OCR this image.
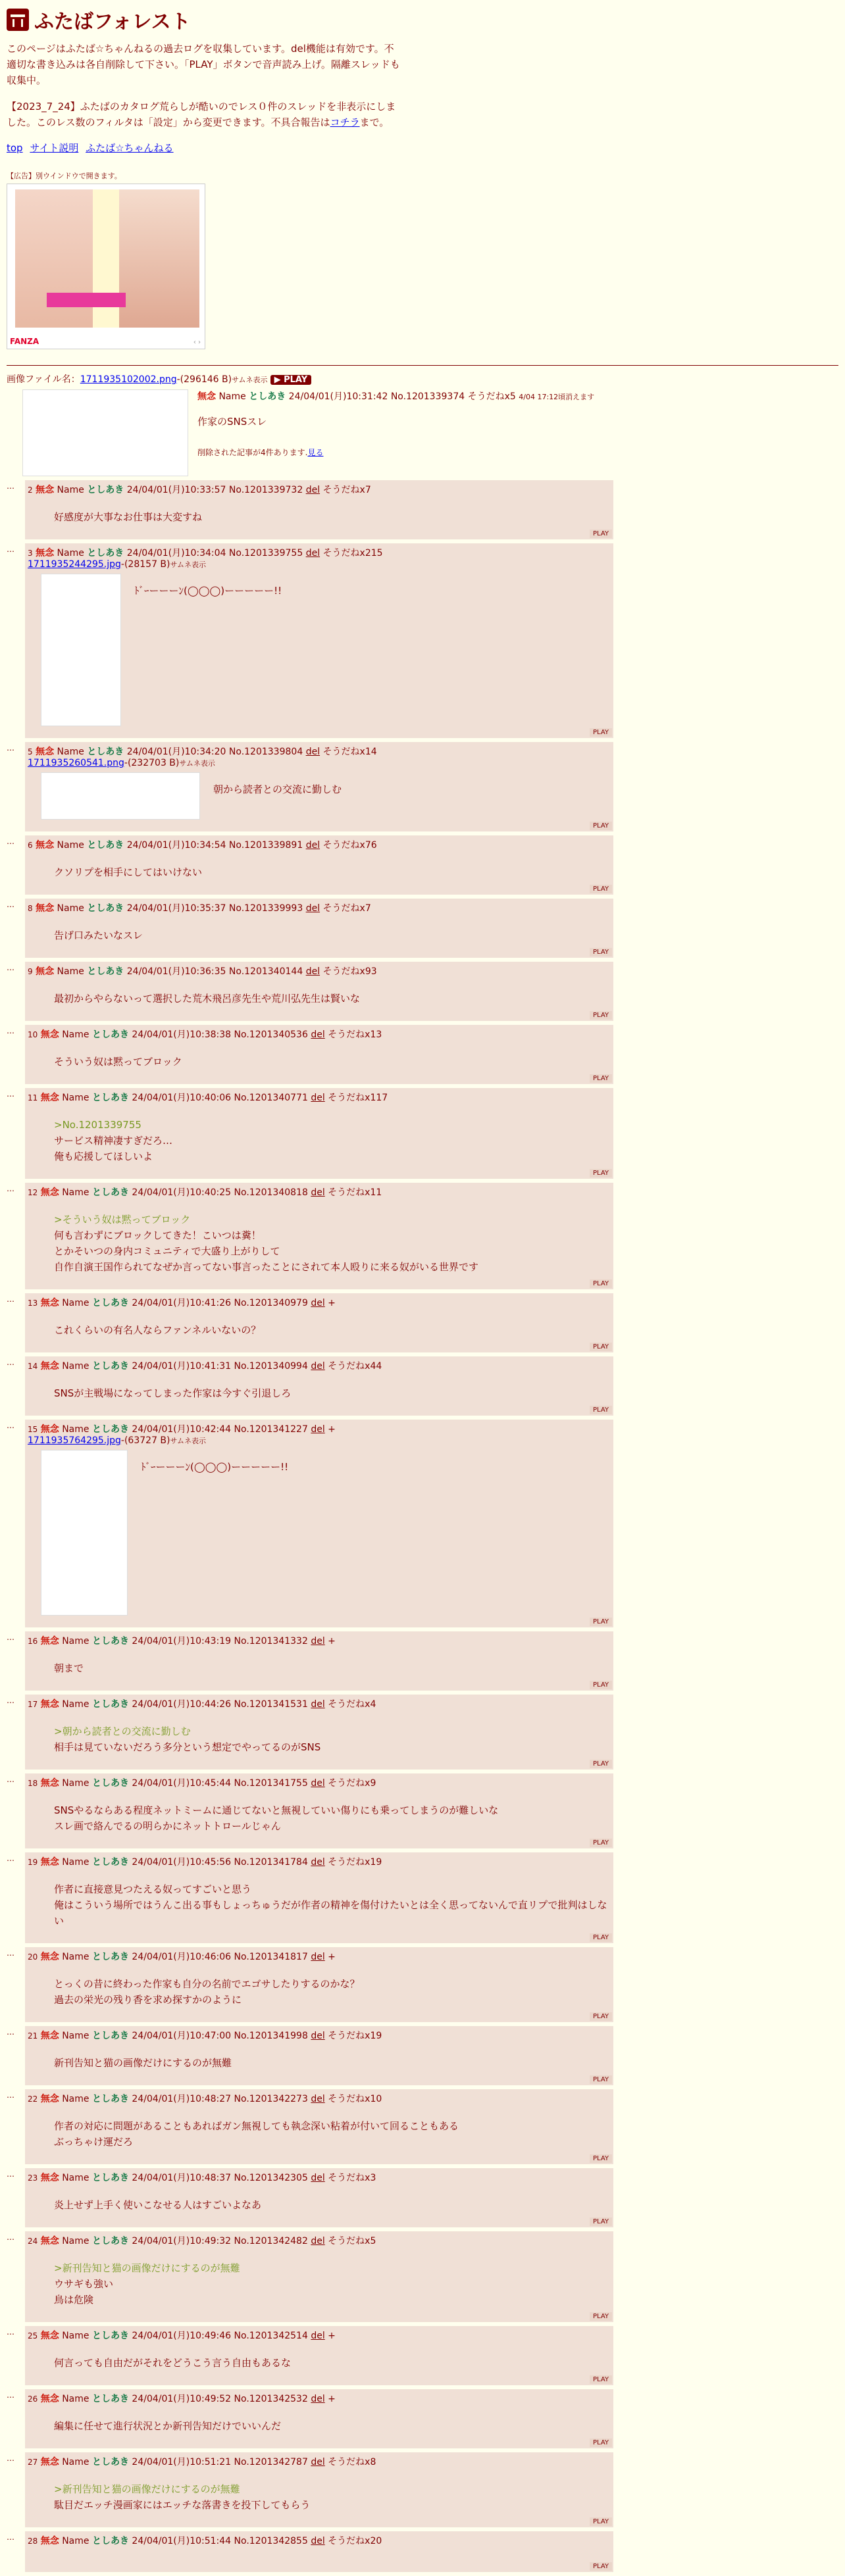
ふたばフォレスト

このページはふたば☆ちゃんねるの過去ログを収集しています。del機能は有効です。不適切な書き込みは各自削除して下さい。「PLAY」ボタンで音声読み上げ。隔離スレッドも収集中。

【2023_7_24】ふたばのカタログ荒らしが酷いのでレス０件のスレッドを非表示にしました。このレス数のフィルタは「設定」から変更できます。不具合報告はコチラまで。

top サイト説明 ふたば☆ちゃんねる
【広告】別ウインドウで開きます。
FANZA	‹ ›
画像ファイル名：1711935102002.png-(296146 B)サムネ表示 ▶ PLAY
無念 Name としあき 24/04/01(月)10:31:42 No.1201339374 そうだねx5 4/04 17:12頃消えます
作家のSNSスレ
削除された記事が4件あります.見る
…	2 無念 Name としあき 24/04/01(月)10:33:57 No.1201339732 del そうだねx7
好感度が大事なお仕事は大変すね
PLAY
…	3 無念 Name としあき 24/04/01(月)10:34:04 No.1201339755 del そうだねx215
1711935244295.jpg-(28157 B)サムネ表示
ﾄﾞｰーーーﾝ(◯◯◯)ーーーーー!!
PLAY
…	5 無念 Name としあき 24/04/01(月)10:34:20 No.1201339804 del そうだねx14
1711935260541.png-(232703 B)サムネ表示
朝から読者との交流に勤しむ
PLAY
…	6 無念 Name としあき 24/04/01(月)10:34:54 No.1201339891 del そうだねx76
クソリプを相手にしてはいけない
PLAY
…	8 無念 Name としあき 24/04/01(月)10:35:37 No.1201339993 del そうだねx7
告げ口みたいなスレ
PLAY
…	9 無念 Name としあき 24/04/01(月)10:36:35 No.1201340144 del そうだねx93
最初からやらないって選択した荒木飛呂彦先生や荒川弘先生は賢いな
PLAY
…	10 無念 Name としあき 24/04/01(月)10:38:38 No.1201340536 del そうだねx13
そういう奴は黙ってブロック
PLAY
…	11 無念 Name としあき 24/04/01(月)10:40:06 No.1201340771 del そうだねx117
>No.1201339755
サービス精神凄すぎだろ…
俺も応援してほしいよ
PLAY
…	12 無念 Name としあき 24/04/01(月)10:40:25 No.1201340818 del そうだねx11
>そういう奴は黙ってブロック
何も言わずにブロックしてきた！こいつは糞！
とかそいつの身内コミュニティで大盛り上がりして
自作自演王国作られてなぜか言ってない事言ったことにされて本人殴りに来る奴がいる世界です
PLAY
…	13 無念 Name としあき 24/04/01(月)10:41:26 No.1201340979 del +
これくらいの有名人ならファンネルいないの？
PLAY
…	14 無念 Name としあき 24/04/01(月)10:41:31 No.1201340994 del そうだねx44
SNSが主戦場になってしまった作家は今すぐ引退しろ
PLAY
…	15 無念 Name としあき 24/04/01(月)10:42:44 No.1201341227 del +
1711935764295.jpg-(63727 B)サムネ表示
ﾄﾞｰーーーﾝ(◯◯◯)ーーーーー!!
PLAY
…	16 無念 Name としあき 24/04/01(月)10:43:19 No.1201341332 del +
朝まで
PLAY
…	17 無念 Name としあき 24/04/01(月)10:44:26 No.1201341531 del そうだねx4
>朝から読者との交流に勤しむ
相手は見ていないだろう多分という想定でやってるのがSNS
PLAY
…	18 無念 Name としあき 24/04/01(月)10:45:44 No.1201341755 del そうだねx9
SNSやるならある程度ネットミームに通じてないと無視していい傷りにも乗ってしまうのが難しいな
スレ画で絡んでるの明らかにネットトロールじゃん
PLAY
…	19 無念 Name としあき 24/04/01(月)10:45:56 No.1201341784 del そうだねx19
作者に直接意見つたえる奴ってすごいと思う
俺はこういう場所ではうんこ出る事もしょっちゅうだが作者の精神を傷付けたいとは全く思ってないんで直リプで批判はしない
PLAY
…	20 無念 Name としあき 24/04/01(月)10:46:06 No.1201341817 del +
とっくの昔に終わった作家も自分の名前でエゴサしたりするのかな？
過去の栄光の残り香を求め探すかのように
PLAY
…	21 無念 Name としあき 24/04/01(月)10:47:00 No.1201341998 del そうだねx19
新刊告知と猫の画像だけにするのが無難
PLAY
…	22 無念 Name としあき 24/04/01(月)10:48:27 No.1201342273 del そうだねx10
作者の対応に問題があることもあればガン無視しても執念深い粘着が付いて回ることもある
ぶっちゃけ運だろ
PLAY
…	23 無念 Name としあき 24/04/01(月)10:48:37 No.1201342305 del そうだねx3
炎上せず上手く使いこなせる人はすごいよなあ
PLAY
…	24 無念 Name としあき 24/04/01(月)10:49:32 No.1201342482 del そうだねx5
>新刊告知と猫の画像だけにするのが無難
ウサギも強い
鳥は危険
PLAY
…	25 無念 Name としあき 24/04/01(月)10:49:46 No.1201342514 del +
何言っても自由だがそれをどうこう言う自由もあるな
PLAY
…	26 無念 Name としあき 24/04/01(月)10:49:52 No.1201342532 del +
編集に任せて進行状況とか新刊告知だけでいいんだ
PLAY
…	27 無念 Name としあき 24/04/01(月)10:51:21 No.1201342787 del そうだねx8
>新刊告知と猫の画像だけにするのが無難
駄目だエッチ漫画家にはエッチな落書きを投下してもらう
PLAY
…	28 無念 Name としあき 24/04/01(月)10:51:44 No.1201342855 del そうだねx20
PLAY
